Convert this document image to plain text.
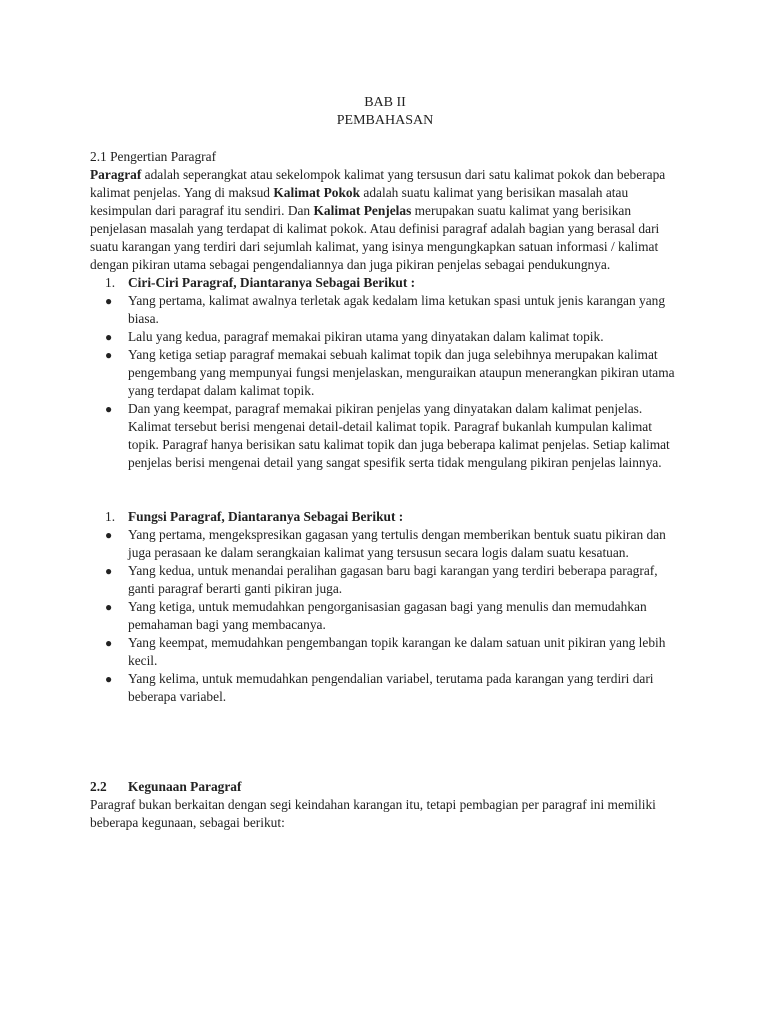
BAB II

PEMBAHASAN

2.1 Pengertian Paragraf

Paragraf adalah seperangkat atau sekelompok kalimat yang tersusun dari satu kalimat pokok dan beberapa kalimat penjelas. Yang di maksud Kalimat Pokok adalah suatu kalimat yang berisikan masalah atau kesimpulan dari paragraf itu sendiri. Dan Kalimat Penjelas merupakan suatu kalimat yang berisikan penjelasan masalah yang terdapat di kalimat pokok. Atau definisi paragraf adalah bagian yang berasal dari suatu karangan yang terdiri dari sejumlah kalimat, yang isinya mengungkapkan satuan informasi / kalimat dengan pikiran utama sebagai pengendaliannya dan juga pikiran penjelas sebagai pendukungnya.

1. Ciri-Ciri Paragraf, Diantaranya Sebagai Berikut :
● Yang pertama, kalimat awalnya terletak agak kedalam lima ketukan spasi untuk jenis karangan yang biasa.
● Lalu yang kedua, paragraf memakai pikiran utama yang dinyatakan dalam kalimat topik.
● Yang ketiga setiap paragraf memakai sebuah kalimat topik dan juga selebihnya merupakan kalimat pengembang yang mempunyai fungsi menjelaskan, menguraikan ataupun menerangkan pikiran utama yang terdapat dalam kalimat topik.
● Dan yang keempat, paragraf memakai pikiran penjelas yang dinyatakan dalam kalimat penjelas. Kalimat tersebut berisi mengenai detail-detail kalimat topik. Paragraf bukanlah kumpulan kalimat topik. Paragraf hanya berisikan satu kalimat topik dan juga beberapa kalimat penjelas. Setiap kalimat penjelas berisi mengenai detail yang sangat spesifik serta tidak mengulang pikiran penjelas lainnya.
1. Fungsi Paragraf, Diantaranya Sebagai Berikut :
● Yang pertama, mengekspresikan gagasan yang tertulis dengan memberikan bentuk suatu pikiran dan juga perasaan ke dalam serangkaian kalimat yang tersusun secara logis dalam suatu kesatuan.
● Yang kedua, untuk menandai peralihan gagasan baru bagi karangan yang terdiri beberapa paragraf, ganti paragraf berarti ganti pikiran juga.
● Yang ketiga, untuk memudahkan pengorganisasian gagasan bagi yang menulis dan memudahkan pemahaman bagi yang membacanya.
● Yang keempat, memudahkan pengembangan topik karangan ke dalam satuan unit pikiran yang lebih kecil.
● Yang kelima, untuk memudahkan pengendalian variabel, terutama pada karangan yang terdiri dari beberapa variabel.
2.2	Kegunaan Paragraf

Paragraf bukan berkaitan dengan segi keindahan karangan itu, tetapi pembagian per paragraf ini memiliki beberapa kegunaan, sebagai berikut:
